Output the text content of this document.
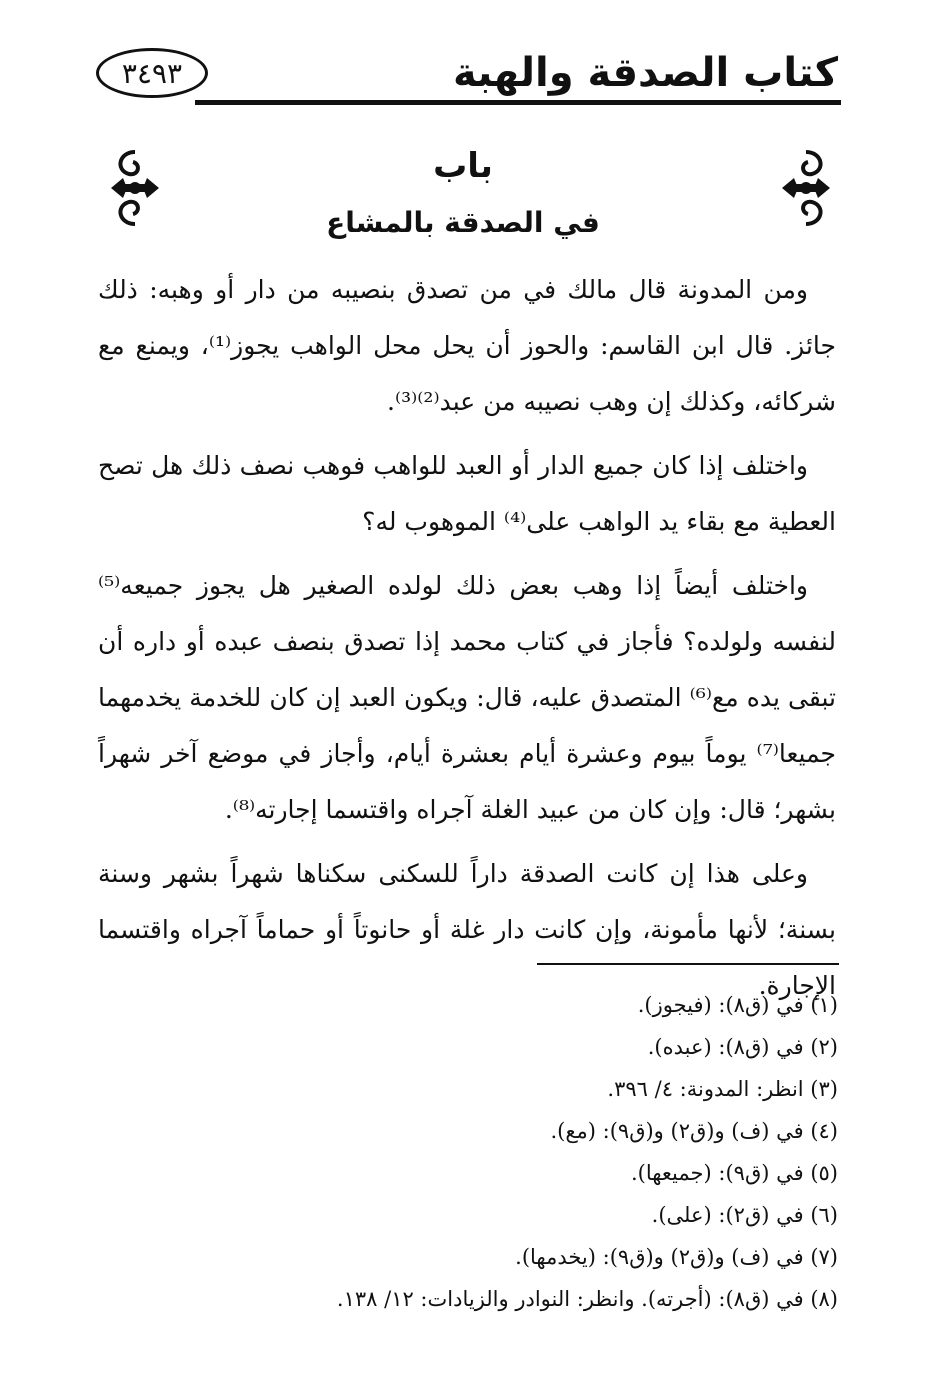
كتاب الصدقة والهبة
٣٤٩٣
باب
في الصدقة بالمشاع

ومن المدونة قال مالك في من تصدق بنصيبه من دار أو وهبه: ذلك جائز. قال ابن القاسم: والحوز أن يحل محل الواهب يجوز⁽¹⁾، ويمنع مع شركائه، وكذلك إن وهب نصيبه من عبد⁽²⁾⁽³⁾.

واختلف إذا كان جميع الدار أو العبد للواهب فوهب نصف ذلك هل تصح العطية مع بقاء يد الواهب على⁽⁴⁾ الموهوب له؟

واختلف أيضاً إذا وهب بعض ذلك لولده الصغير هل يجوز جميعه⁽⁵⁾ لنفسه ولولده؟ فأجاز في كتاب محمد إذا تصدق بنصف عبده أو داره أن تبقى يده مع⁽⁶⁾ المتصدق عليه، قال: ويكون العبد إن كان للخدمة يخدمهما جميعا⁽⁷⁾ يوماً بيوم وعشرة أيام بعشرة أيام، وأجاز في موضع آخر شهراً بشهر؛ قال: وإن كان من عبيد الغلة آجراه واقتسما إجارته⁽⁸⁾.

وعلى هذا إن كانت الصدقة داراً للسكنى سكناها شهراً بشهر وسنة بسنة؛ لأنها مأمونة، وإن كانت دار غلة أو حانوتاً أو حماماً آجراه واقتسما الإجارة.

(١) في (ق٨): (فيجوز).
(٢) في (ق٨): (عبده).
(٣) انظر: المدونة: ٤/ ٣٩٦.
(٤) في (ف) و(ق٢) و(ق٩): (مع).
(٥) في (ق٩): (جميعها).
(٦) في (ق٢): (على).
(٧) في (ف) و(ق٢) و(ق٩): (يخدمها).
(٨) في (ق٨): (أجرته). وانظر: النوادر والزيادات: ١٢/ ١٣٨.
